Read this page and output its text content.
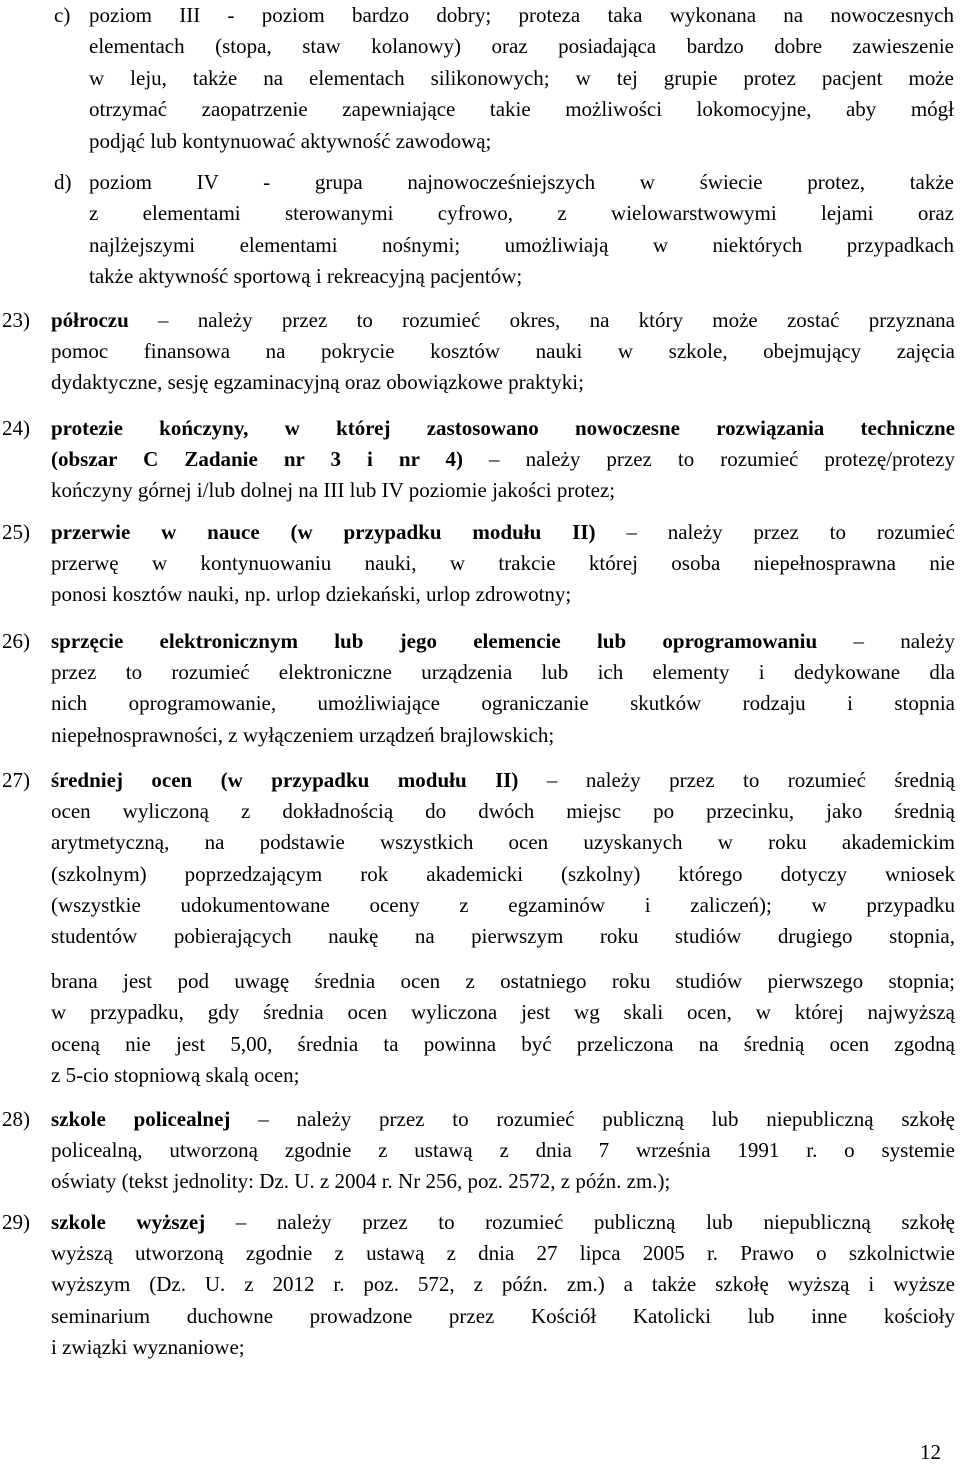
c) poziom III - poziom bardzo dobry; proteza taka wykonana na nowoczesnych
elementach (stopa, staw kolanowy) oraz posiadająca bardzo dobre zawieszenie
w leju, także na elementach silikonowych; w tej grupie protez pacjent może
otrzymać zaopatrzenie zapewniające takie możliwości lokomocyjne, aby mógł
podjąć lub kontynuować aktywność zawodową;
d) poziom IV - grupa najnowocześniejszych w świecie protez, także
z elementami sterowanymi cyfrowo, z wielowarstwowymi lejami oraz
najlżejszymi elementami nośnymi; umożliwiają w niektórych przypadkach
także aktywność sportową i rekreacyjną pacjentów;
23) półroczu – należy przez to rozumieć okres, na który może zostać przyznana
pomoc finansowa na pokrycie kosztów nauki w szkole, obejmujący zajęcia
dydaktyczne, sesję egzaminacyjną oraz obowiązkowe praktyki;
24) protezie kończyny, w której zastosowano nowoczesne rozwiązania techniczne
(obszar C Zadanie nr 3 i nr 4) – należy przez to rozumieć protezę/protezy
kończyny górnej i/lub dolnej na III lub IV poziomie jakości protez;
25) przerwie w nauce (w przypadku modułu II) – należy przez to rozumieć
przerwę w kontynuowaniu nauki, w trakcie której osoba niepełnosprawna nie
ponosi kosztów nauki, np. urlop dziekański, urlop zdrowotny;
26) sprzęcie elektronicznym lub jego elemencie lub oprogramowaniu – należy
przez to rozumieć elektroniczne urządzenia lub ich elementy i dedykowane dla
nich oprogramowanie, umożliwiające ograniczanie skutków rodzaju i stopnia
niepełnosprawności, z wyłączeniem urządzeń brajlowskich;
27) średniej ocen (w przypadku modułu II) – należy przez to rozumieć średnią
ocen wyliczoną z dokładnością do dwóch miejsc po przecinku, jako średnią
arytmetyczną, na podstawie wszystkich ocen uzyskanych w roku akademickim
(szkolnym) poprzedzającym rok akademicki (szkolny) którego dotyczy wniosek
(wszystkie udokumentowane oceny z egzaminów i zaliczeń); w przypadku
studentów pobierających naukę na pierwszym roku studiów drugiego stopnia,
brana jest pod uwagę średnia ocen z ostatniego roku studiów pierwszego stopnia;
w przypadku, gdy średnia ocen wyliczona jest wg skali ocen, w której najwyższą
oceną nie jest 5,00, średnia ta powinna być przeliczona na średnią ocen zgodną
z 5-cio stopniową skalą ocen;
28) szkole policealnej – należy przez to rozumieć publiczną lub niepubliczną szkołę
policealną, utworzoną zgodnie z ustawą z dnia 7 września 1991 r. o systemie
oświaty (tekst jednolity: Dz. U. z 2004 r. Nr 256, poz. 2572, z późn. zm.);
29) szkole wyższej – należy przez to rozumieć publiczną lub niepubliczną szkołę
wyższą utworzoną zgodnie z ustawą z dnia 27 lipca 2005 r. Prawo o szkolnictwie
wyższym (Dz. U. z 2012 r. poz. 572, z późn. zm.) a także szkołę wyższą i wyższe
seminarium duchowne prowadzone przez Kościół Katolicki lub inne kościoły
i związki wyznaniowe;
12
